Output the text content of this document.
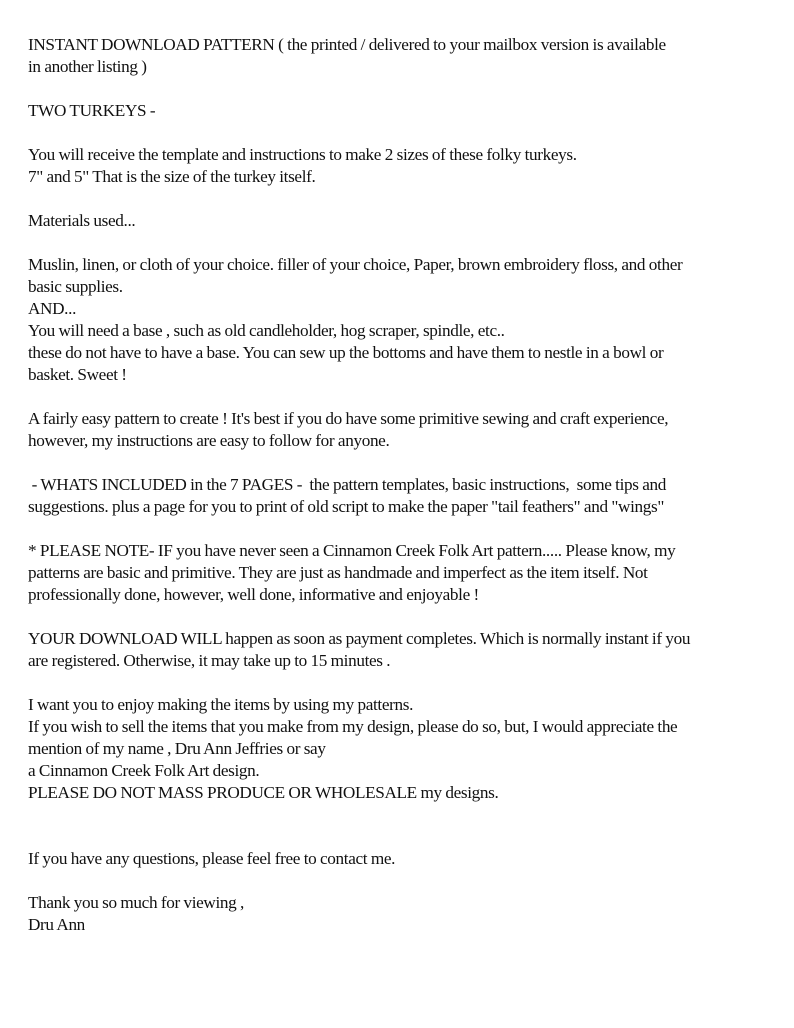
INSTANT DOWNLOAD PATTERN ( the printed / delivered to your mailbox version is available
in another listing )
TWO TURKEYS -
You will receive the template and instructions to make 2 sizes of these folky turkeys.
7" and 5" That is the size of the turkey itself.
Materials used...
Muslin, linen, or cloth of your choice. filler of your choice, Paper, brown embroidery floss, and other
basic supplies.
AND...
You will need a base , such as old candleholder, hog scraper, spindle, etc..
these do not have to have a base. You can sew up the bottoms and have them to nestle in a bowl or
basket. Sweet !
A fairly easy pattern to create ! It's best if you do have some primitive sewing and craft experience,
however, my instructions are easy to follow for anyone.
- WHATS INCLUDED in the 7 PAGES -  the pattern templates, basic instructions,  some tips and
suggestions. plus a page for you to print of old script to make the paper "tail feathers" and "wings"
* PLEASE NOTE- IF you have never seen a Cinnamon Creek Folk Art pattern..... Please know, my
patterns are basic and primitive. They are just as handmade and imperfect as the item itself. Not
professionally done, however, well done, informative and enjoyable !
YOUR DOWNLOAD WILL happen as soon as payment completes. Which is normally instant if you
are registered. Otherwise, it may take up to 15 minutes .
I want you to enjoy making the items by using my patterns.
If you wish to sell the items that you make from my design, please do so, but, I would appreciate the
mention of my name , Dru Ann Jeffries or say
a Cinnamon Creek Folk Art design.
PLEASE DO NOT MASS PRODUCE OR WHOLESALE my designs.
If you have any questions, please feel free to contact me.
Thank you so much for viewing ,
Dru Ann
